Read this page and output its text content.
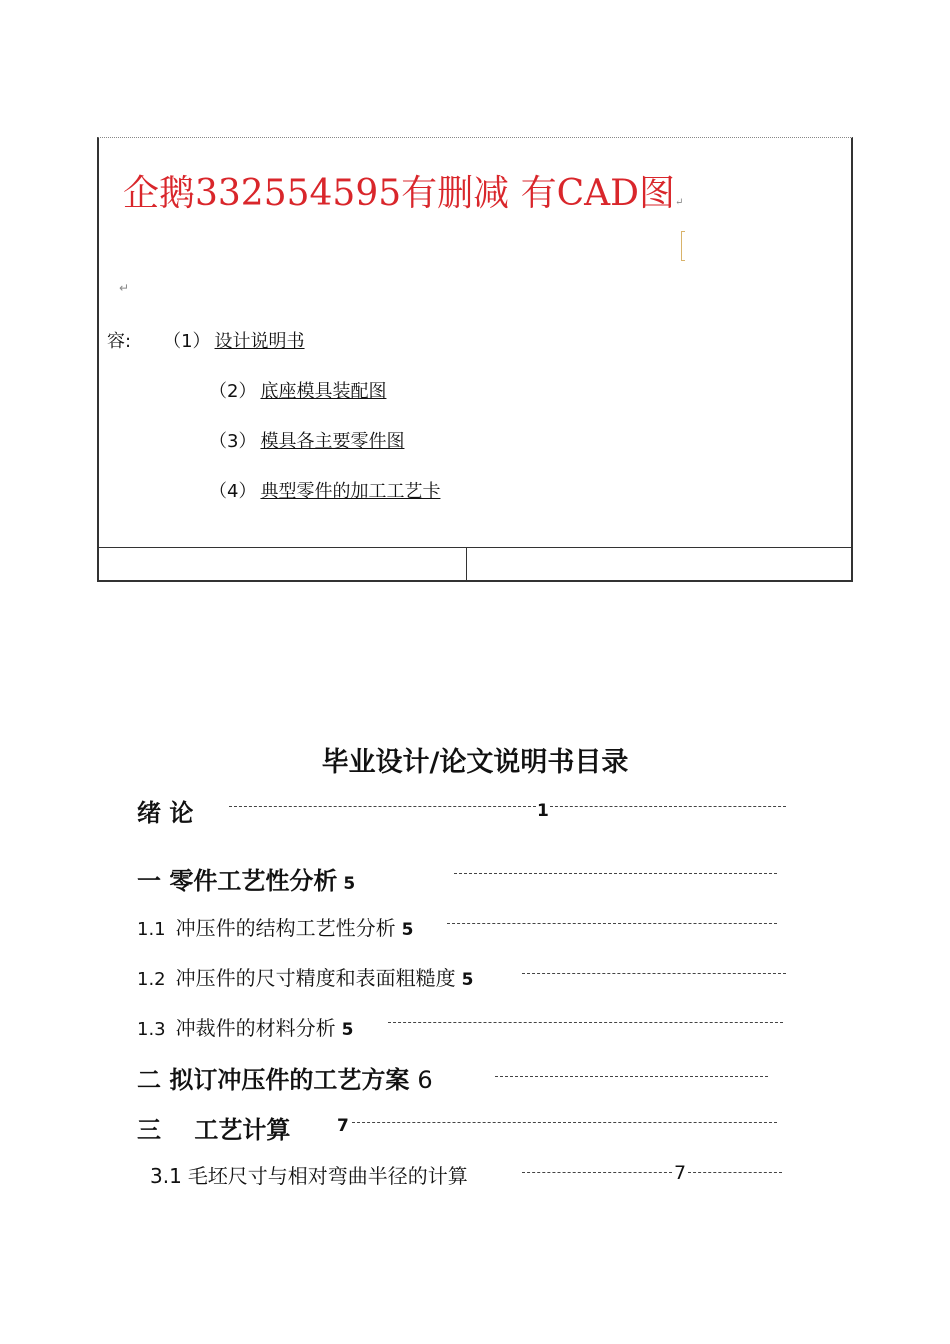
企鹅332554595有删减 有CAD图↵
↵
容: （1） 设计说明书
（2） 底座模具装配图
（3） 模具各主要零件图
（4） 典型零件的加工工艺卡
毕业设计/论文说明书目录
绪 论	1
一 零件工艺性分析 5
1.1 冲压件的结构工艺性分析 5
1.2 冲压件的尺寸精度和表面粗糙度 5
1.3 冲裁件的材料分析 5
二 拟订冲压件的工艺方案 6
三    工艺计算	7
3.1 毛坯尺寸与相对弯曲半径的计算	7
